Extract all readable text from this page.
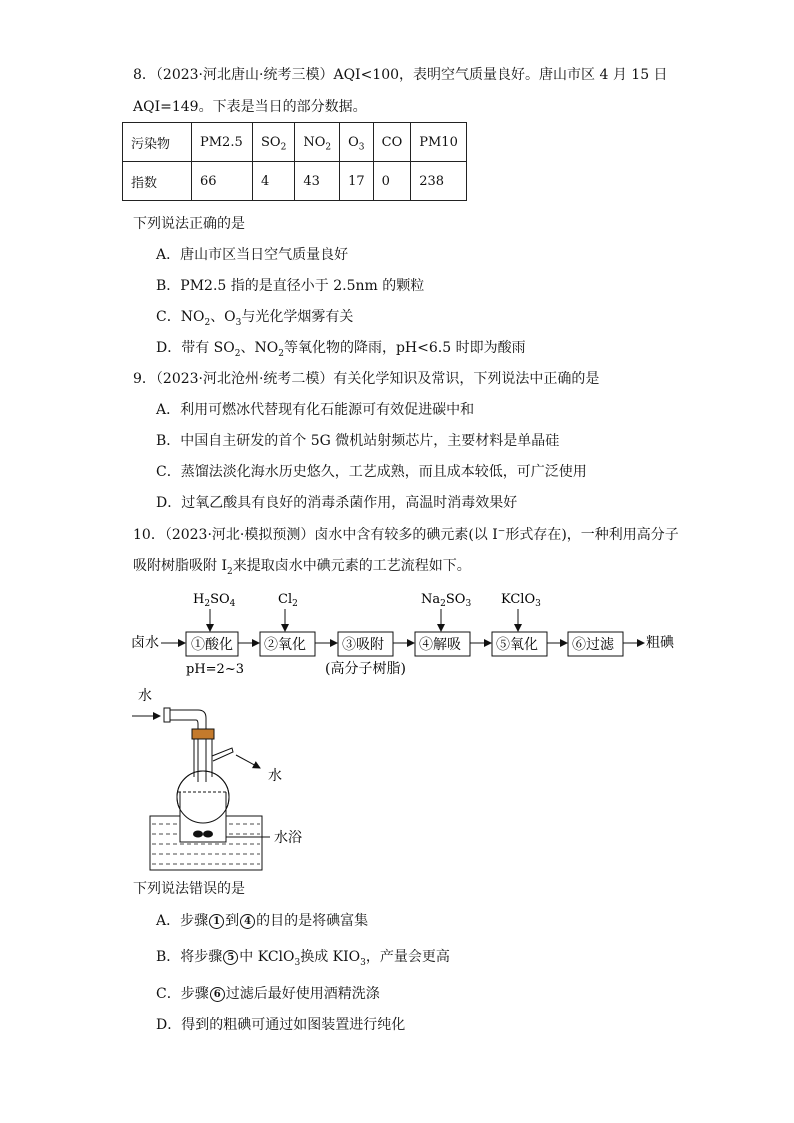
8．（2023·河北唐山·统考三模）AQI<100，表明空气质量良好。唐山市区 4 月 15 日
AQI=149。下表是当日的部分数据。
污染物	PM2.5	$SO_2$	$NO_2$	$O_3$	CO	PM10
指数	66	4	43	17	0	238
下列说法正确的是
A．唐山市区当日空气质量良好
B．PM2.5 指的是直径小于 2.5nm 的颗粒
C．$NO_2$、$O_3$与光化学烟雾有关
D．带有 $SO_2$、$NO_2$等氧化物的降雨，pH<6.5 时即为酸雨
9．（2023·河北沧州·统考二模）有关化学知识及常识，下列说法中正确的是
A．利用可燃冰代替现有化石能源可有效促进碳中和
B．中国自主研发的首个 5G 微机站射频芯片，主要材料是单晶硅
C．蒸馏法淡化海水历史悠久，工艺成熟，而且成本较低，可广泛使用
D．过氧乙酸具有良好的消毒杀菌作用，高温时消毒效果好
10．（2023·河北·模拟预测）卤水中含有较多的碘元素(以 I−形式存在)，一种利用高分子
吸附树脂吸附 $I_2$来提取卤水中碘元素的工艺流程如下。
$H_2SO_4$	$Cl_2$	$Na_2SO_3$ KClO$_3$
卤水	粗碘
①酸化 ②氧化	③吸附	④解吸	⑤氧化 ⑥过滤
pH=2~3	(高分子树脂)
水
水
水浴
下列说法错误的是
A．步骤 1 到 4 的目的是将碘富集
B．将步骤 5 中 KClO$_3$换成 $KIO_3$，产量会更高
C．步骤 6 过滤后最好使用酒精洗涤
D．得到的粗碘可通过如图装置进行纯化
